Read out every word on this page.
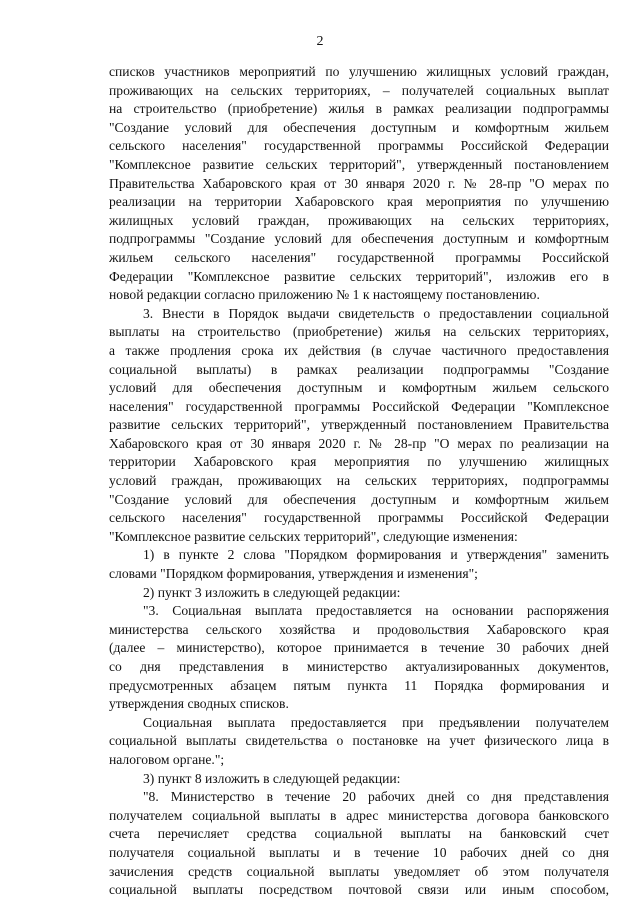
2
списков участников мероприятий по улучшению жилищных условий граждан,
проживающих на сельских территориях, – получателей социальных выплат
на строительство (приобретение) жилья в рамках реализации подпрограммы
"Создание условий для обеспечения доступным и комфортным жильем
сельского населения" государственной программы Российской Федерации
"Комплексное развитие сельских территорий", утвержденный постановлением
Правительства Хабаровского края от 30 января 2020 г. № 28-пр "О мерах по
реализации на территории Хабаровского края мероприятия по улучшению
жилищных условий граждан, проживающих на сельских территориях,
подпрограммы "Создание условий для обеспечения доступным и комфортным
жильем сельского населения" государственной программы Российской
Федерации "Комплексное развитие сельских территорий", изложив его в
новой редакции согласно приложению № 1 к настоящему постановлению.
3. Внести в Порядок выдачи свидетельств о предоставлении социальной
выплаты на строительство (приобретение) жилья на сельских территориях,
а также продления срока их действия (в случае частичного предоставления
социальной выплаты) в рамках реализации подпрограммы "Создание
условий для обеспечения доступным и комфортным жильем сельского
населения" государственной программы Российской Федерации "Комплексное
развитие сельских территорий", утвержденный постановлением Правительства
Хабаровского края от 30 января 2020 г. № 28-пр "О мерах по реализации на
территории Хабаровского края мероприятия по улучшению жилищных
условий граждан, проживающих на сельских территориях, подпрограммы
"Создание условий для обеспечения доступным и комфортным жильем
сельского населения" государственной программы Российской Федерации
"Комплексное развитие сельских территорий", следующие изменения:
1) в пункте 2 слова "Порядком формирования и утверждения" заменить
словами "Порядком формирования, утверждения и изменения";
2) пункт 3 изложить в следующей редакции:
"3. Социальная выплата предоставляется на основании распоряжения
министерства сельского хозяйства и продовольствия Хабаровского края
(далее – министерство), которое принимается в течение 30 рабочих дней
со дня представления в министерство актуализированных документов,
предусмотренных абзацем пятым пункта 11 Порядка формирования и
утверждения сводных списков.
Социальная выплата предоставляется при предъявлении получателем
социальной выплаты свидетельства о постановке на учет физического лица в
налоговом органе.";
3) пункт 8 изложить в следующей редакции:
"8. Министерство в течение 20 рабочих дней со дня представления
получателем социальной выплаты в адрес министерства договора банковского
счета перечисляет средства социальной выплаты на банковский счет
получателя социальной выплаты и в течение 10 рабочих дней со дня
зачисления средств социальной выплаты уведомляет об этом получателя
социальной выплаты посредством почтовой связи или иным способом,
